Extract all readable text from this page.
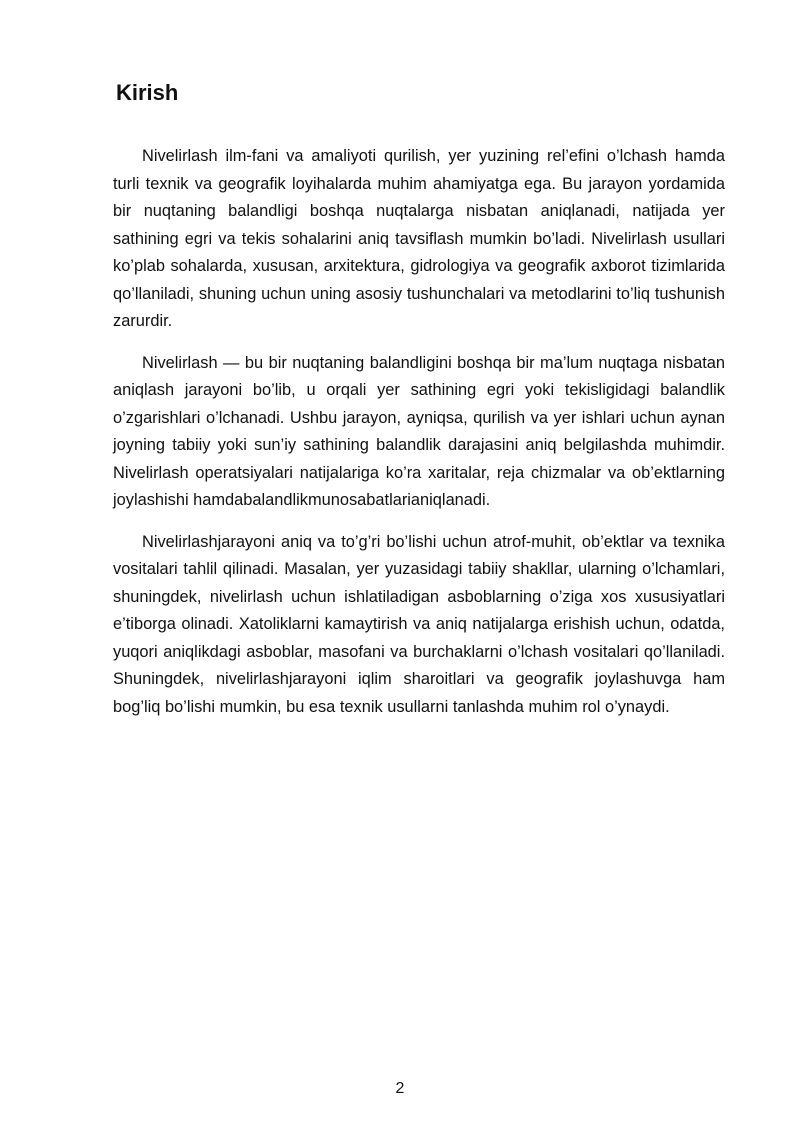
Kirish

Nivelirlash ilm-fani va amaliyoti qurilish, yer yuzining rel’efini o’lchash hamda turli texnik va geografik loyihalarda muhim ahamiyatga ega. Bu jarayon yordamida bir nuqtaning balandligi boshqa nuqtalarga nisbatan aniqlanadi, natijada yer sathining egri va tekis sohalarini aniq tavsiflash mumkin bo’ladi. Nivelirlash usullari ko’plab sohalarda, xususan, arxitektura, gidrologiya va geografik axborot tizimlarida qo’llaniladi, shuning uchun uning asosiy tushunchalari va metodlarini to’liq tushunish zarurdir.

Nivelirlash — bu bir nuqtaning balandligini boshqa bir ma’lum nuqtaga nisbatan aniqlash jarayoni bo’lib, u orqali yer sathining egri yoki tekisligidagi balandlik o’zgarishlari o’lchanadi. Ushbu jarayon, ayniqsa, qurilish va yer ishlari uchun aynan joyning tabiiy yoki sun’iy sathining balandlik darajasini aniq belgilashda muhimdir. Nivelirlash operatsiyalari natijalariga ko’ra xaritalar, reja chizmalar va ob’ektlarning joylashishi hamdabalandlikmunosabatlarianiqlanadi.

Nivelirlashjarayoni aniq va to’g’ri bo’lishi uchun atrof-muhit, ob’ektlar va texnika vositalari tahlil qilinadi. Masalan, yer yuzasidagi tabiiy shakllar, ularning o’lchamlari, shuningdek, nivelirlash uchun ishlatiladigan asboblarning o’ziga xos xususiyatlari e’tiborga olinadi. Xatoliklarni kamaytirish va aniq natijalarga erishish uchun, odatda, yuqori aniqlikdagi asboblar, masofani va burchaklarni o’lchash vositalari qo’llaniladi. Shuningdek, nivelirlashjarayoni iqlim sharoitlari va geografik joylashuvga ham bog’liq bo’lishi mumkin, bu esa texnik usullarni tanlashda muhim rol o’ynaydi.

2
